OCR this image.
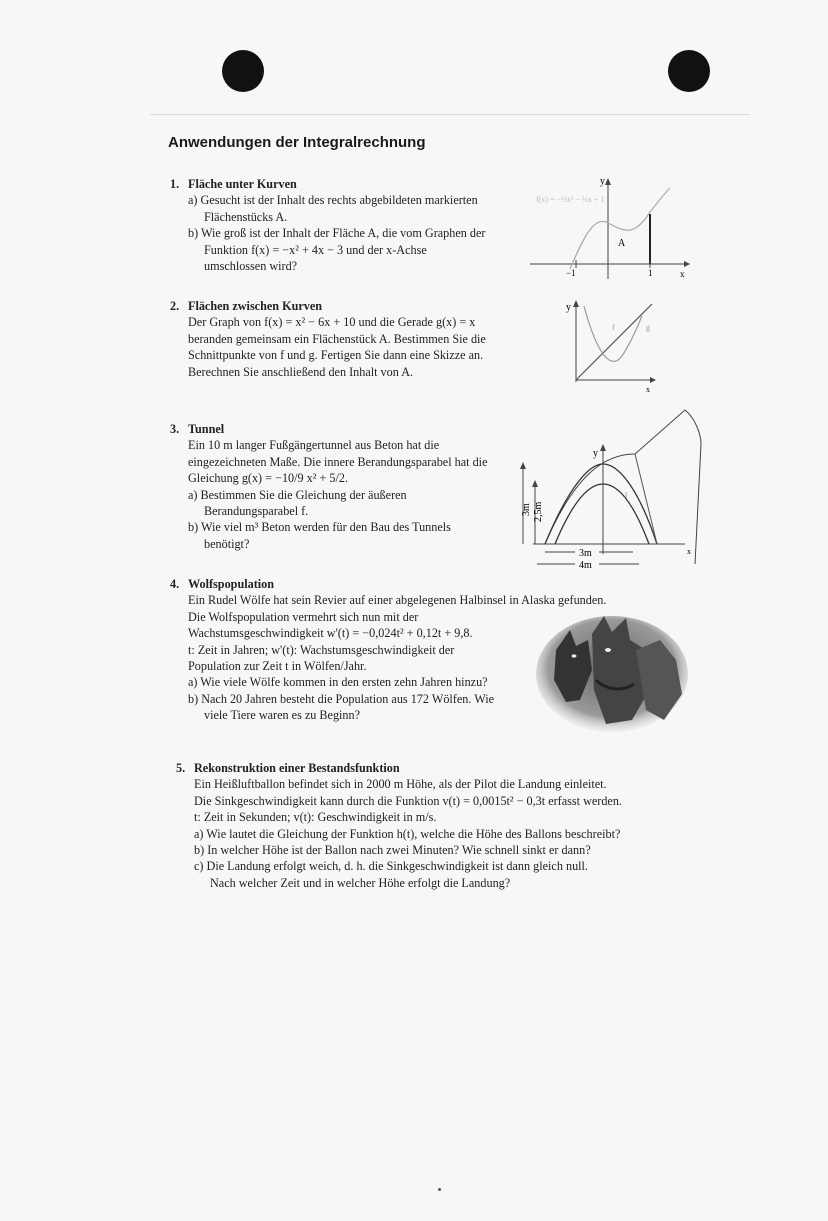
Anwendungen der Integralrechnung

1. Fläche unter Kurven

a) Gesucht ist der Inhalt des rechts abgebildeten markierten Flächenstücks A.

b) Wie groß ist der Inhalt der Fläche A, die vom Graphen der Funktion f(x) = −x² + 4x − 3 und der x-Achse umschlossen wird?

f(x) = −½x³ − ½x + 1
y
x
A
−1	1

2. Flächen zwischen Kurven

Der Graph von f(x) = x² − 6x + 10 und die Gerade g(x) = x beranden gemeinsam ein Flächenstück A. Bestimmen Sie die Schnittpunkte von f und g. Fertigen Sie dann eine Skizze an. Berechnen Sie anschließend den Inhalt von A.

y
x
f	g

3. Tunnel

Ein 10 m langer Fußgängertunnel aus Beton hat die eingezeichneten Maße. Die innere Berandungsparabel hat die Gleichung g(x) = −10/9 x² + 5/2.

a) Bestimmen Sie die Gleichung der äußeren Berandungsparabel f.

b) Wie viel m³ Beton werden für den Bau des Tunnels benötigt?

y
x
l
3m 2,5m
3m
4m

4. Wolfspopulation

Ein Rudel Wölfe hat sein Revier auf einer abgelegenen Halbinsel in Alaska gefunden.

Die Wolfspopulation vermehrt sich nun mit der Wachstumsgeschwindigkeit w'(t) = −0,024t² + 0,12t + 9,8.

t: Zeit in Jahren; w'(t): Wachstumsgeschwindigkeit der Population zur Zeit t in Wölfen/Jahr.

a) Wie viele Wölfe kommen in den ersten zehn Jahren hinzu?

b) Nach 20 Jahren besteht die Population aus 172 Wölfen. Wie viele Tiere waren es zu Beginn?

5. Rekonstruktion einer Bestandsfunktion

Ein Heißluftballon befindet sich in 2000 m Höhe, als der Pilot die Landung einleitet.

Die Sinkgeschwindigkeit kann durch die Funktion v(t) = 0,0015t² − 0,3t erfasst werden.

t: Zeit in Sekunden; v(t): Geschwindigkeit in m/s.

a) Wie lautet die Gleichung der Funktion h(t), welche die Höhe des Ballons beschreibt?

b) In welcher Höhe ist der Ballon nach zwei Minuten? Wie schnell sinkt er dann?

c) Die Landung erfolgt weich, d. h. die Sinkgeschwindigkeit ist dann gleich null.

Nach welcher Zeit und in welcher Höhe erfolgt die Landung?
